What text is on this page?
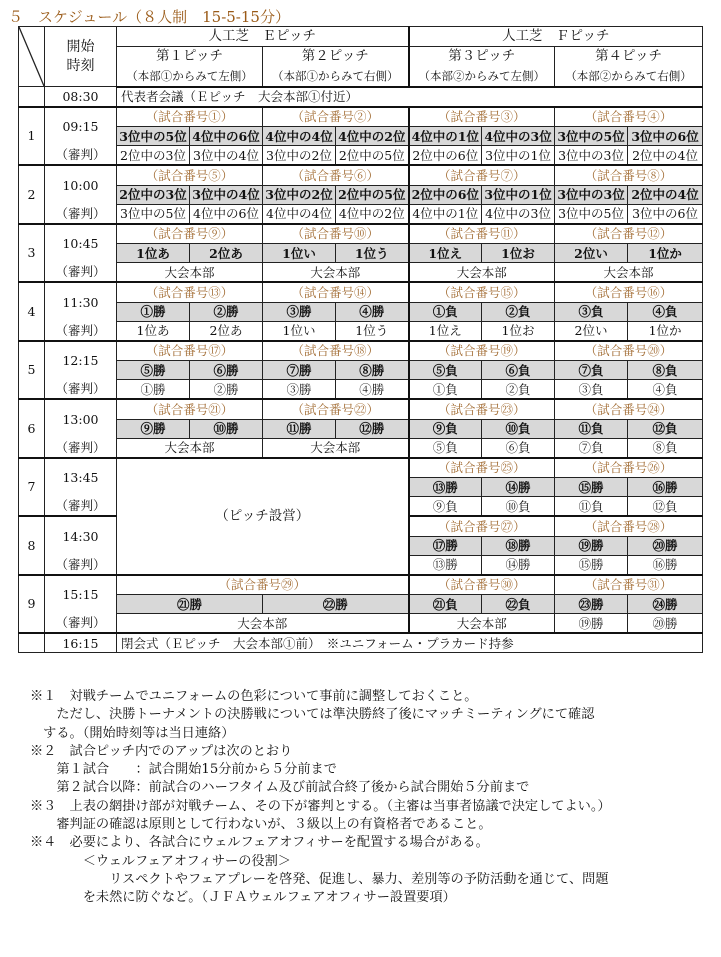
５　スケジュール（８人制　15-5-15分）
	開始
時刻	人工芝　Ｅピッチ				人工芝　Ｆピッチ			
		第１ピッチ		第２ピッチ		第３ピッチ		第４ピッチ	
		（本部①からみて左側）		（本部①からみて右側）		（本部②からみて左側）		（本部②からみて右側）	
	08:30	代表者会議（Ｅピッチ　大会本部①付近）							
1	09:15	（試合番号①）		（試合番号②）		（試合番号③）		（試合番号④）	
		3位中の5位	4位中の6位	4位中の4位	4位中の2位	4位中の1位	4位中の3位	3位中の5位	3位中の6位
	（審判）	2位中の3位	3位中の4位	3位中の2位	2位中の5位	2位中の6位	3位中の1位	3位中の3位	2位中の4位
2	10:00	（試合番号⑤）		（試合番号⑥）		（試合番号⑦）		（試合番号⑧）	
		2位中の3位	3位中の4位	3位中の2位	2位中の5位	2位中の6位	3位中の1位	3位中の3位	2位中の4位
	（審判）	3位中の5位	4位中の6位	4位中の4位	4位中の2位	4位中の1位	4位中の3位	3位中の5位	3位中の6位
3	10:45	（試合番号⑨）		（試合番号⑩）		（試合番号⑪）		（試合番号⑫）	
		1位あ	2位あ	1位い	1位う	1位え	1位お	2位い	1位か
	（審判）	大会本部		大会本部		大会本部		大会本部	
4	11:30	（試合番号⑬）		（試合番号⑭）		（試合番号⑮）		（試合番号⑯）	
		①勝	②勝	③勝	④勝	①負	②負	③負	④負
	（審判）	1位あ	2位あ	1位い	1位う	1位え	1位お	2位い	1位か
5	12:15	（試合番号⑰）		（試合番号⑱）		（試合番号⑲）		（試合番号⑳）	
		⑤勝	⑥勝	⑦勝	⑧勝	⑤負	⑥負	⑦負	⑧負
	（審判）	①勝	②勝	③勝	④勝	①負	②負	③負	④負
6	13:00	（試合番号㉑）		（試合番号㉒）		（試合番号㉓）		（試合番号㉔）	
		⑨勝	⑩勝	⑪勝	⑫勝	⑨負	⑩負	⑪負	⑫負
	（審判）	大会本部		大会本部		⑤負	⑥負	⑦負	⑧負
7	13:45	（ピッチ設営）				（試合番号㉕）		（試合番号㉖）	
						⑬勝	⑭勝	⑮勝	⑯勝
	（審判）					⑨負	⑩負	⑪負	⑫負
8	14:30					（試合番号㉗）		（試合番号㉘）	
						⑰勝	⑱勝	⑲勝	⑳勝
	（審判）					⑬勝	⑭勝	⑮勝	⑯勝
9	15:15	（試合番号㉙）				（試合番号㉚）		（試合番号㉛）	
		㉑勝		㉒勝		㉑負	㉒負	㉓勝	㉔勝
	（審判）	大会本部				大会本部		⑲勝	⑳勝
	16:15	閉会式（Ｅピッチ　大会本部①前）　※ユニフォーム・プラカード持参							
※１　対戦チームでユニフォームの色彩について事前に調整しておくこと。
　　ただし、決勝トーナメントの決勝戦については準決勝終了後にマッチミーティングにて確認
　する。（開始時刻等は当日連絡）
※２　試合ピッチ内でのアップは次のとおり
　　第１試合　　：試合開始15分前から５分前まで
　　第２試合以降：前試合のハーフタイム及び前試合終了後から試合開始５分前まで
※３　上表の網掛け部が対戦チーム、その下が審判とする。（主審は当事者協議で決定してよい。）
　　審判証の確認は原則として行わないが、３級以上の有資格者であること。
※４　必要により、各試合にウェルフェアオフィサーを配置する場合がある。
　　　　＜ウェルフェアオフィサーの役割＞
　　　　　　リスペクトやフェアプレーを啓発、促進し、暴力、差別等の予防活動を通じて、問題
　　　　を未然に防ぐなど。（ＪＦＡウェルフェアオフィサー設置要項）
